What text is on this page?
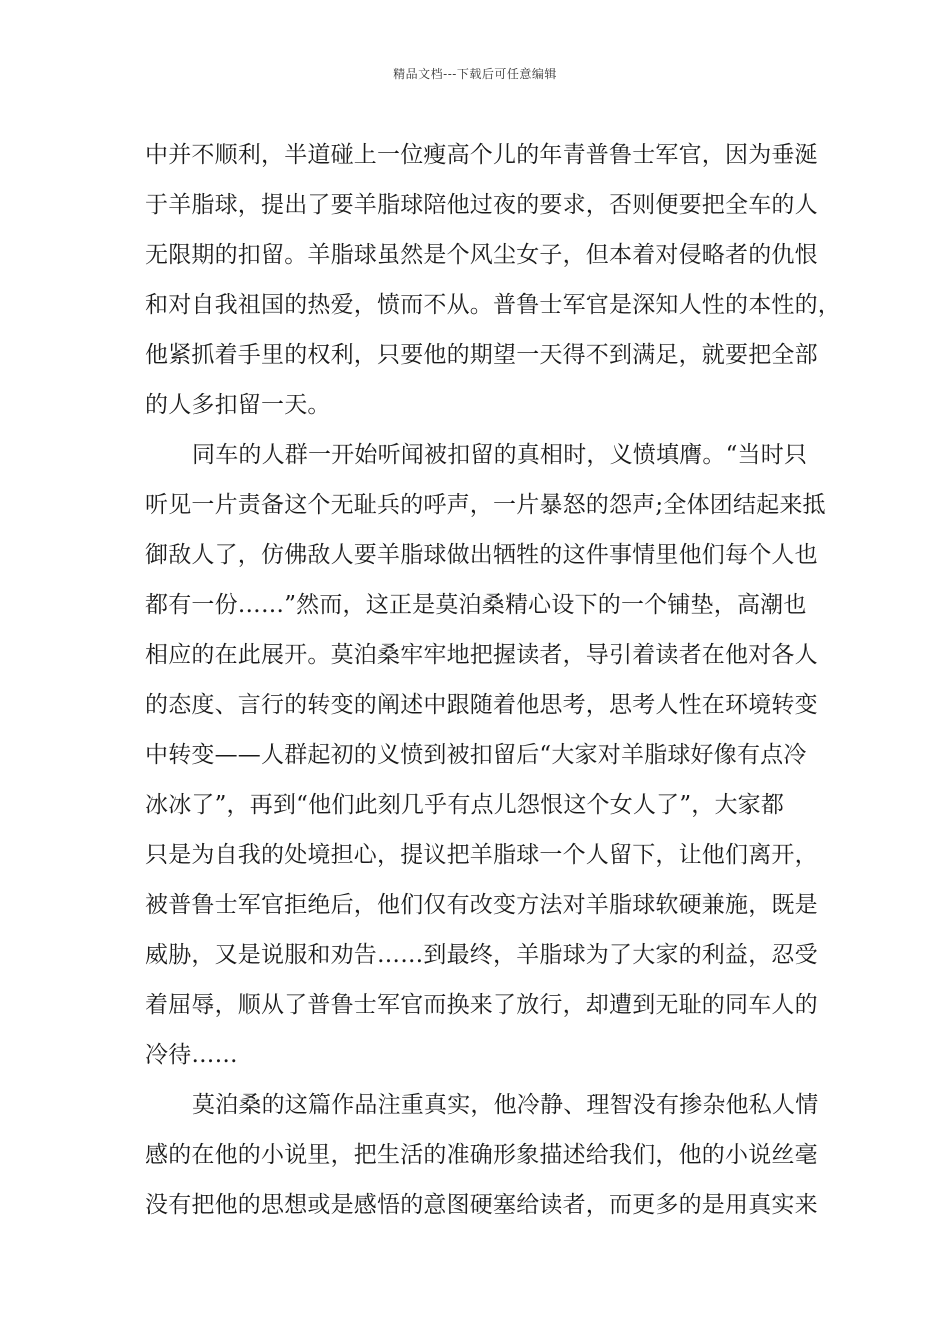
精品文档---下载后可任意编辑
中并不顺利，半道碰上一位瘦高个儿的年青普鲁士军官，因为垂涎
于羊脂球，提出了要羊脂球陪他过夜的要求，否则便要把全车的人
无限期的扣留。羊脂球虽然是个风尘女子，但本着对侵略者的仇恨
和对自我祖国的热爱，愤而不从。普鲁士军官是深知人性的本性的，
他紧抓着手里的权利，只要他的期望一天得不到满足，就要把全部
的人多扣留一天。
同车的人群一开始听闻被扣留的真相时，义愤填膺。“当时只
听见一片责备这个无耻兵的呼声，一片暴怒的怨声;全体团结起来抵
御敌人了，仿佛敌人要羊脂球做出牺牲的这件事情里他们每个人也
都有一份……”然而，这正是莫泊桑精心设下的一个铺垫，高潮也
相应的在此展开。莫泊桑牢牢地把握读者，导引着读者在他对各人
的态度、言行的转变的阐述中跟随着他思考，思考人性在环境转变
中转变——人群起初的义愤到被扣留后“大家对羊脂球好像有点冷
冰冰了”，再到“他们此刻几乎有点儿怨恨这个女人了”，大家都
只是为自我的处境担心，提议把羊脂球一个人留下，让他们离开，
被普鲁士军官拒绝后，他们仅有改变方法对羊脂球软硬兼施，既是
威胁，又是说服和劝告……到最终，羊脂球为了大家的利益，忍受
着屈辱，顺从了普鲁士军官而换来了放行，却遭到无耻的同车人的
冷待……
莫泊桑的这篇作品注重真实，他冷静、理智没有掺杂他私人情
感的在他的小说里，把生活的准确形象描述给我们，他的小说丝毫
没有把他的思想或是感悟的意图硬塞给读者，而更多的是用真实来
